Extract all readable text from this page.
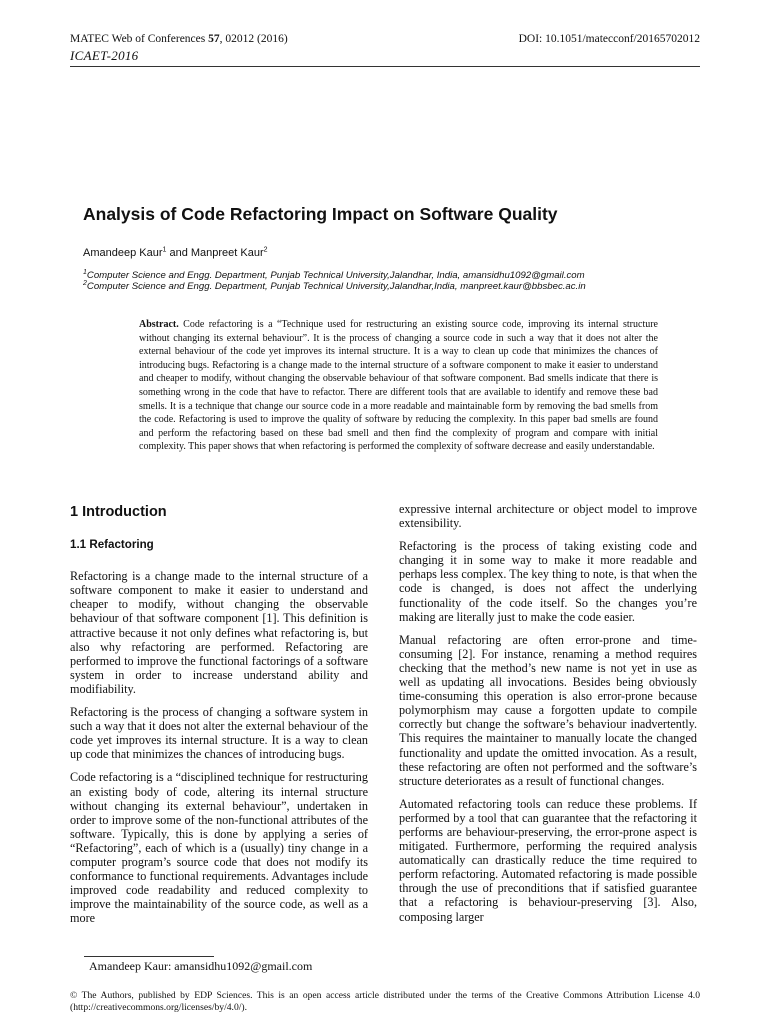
MATEC Web of Conferences 57, 02012 (2016)	DOI: 10.1051/matecconf/20165702012
ICAET-2016
Analysis of Code Refactoring Impact on Software Quality
Amandeep Kaur$^1$ and Manpreet Kaur$^2$
$^1$Computer Science and Engg. Department, Punjab Technical University,Jalandhar, India, amansidhu1092@gmail.com
$^2$Computer Science and Engg. Department, Punjab Technical University,Jalandhar,India, manpreet.kaur@bbsbec.ac.in

Abstract. Code refactoring is a “Technique used for restructuring an existing source code, improving its internal structure without changing its external behaviour”. It is the process of changing a source code in such a way that it does not alter the external behaviour of the code yet improves its internal structure. It is a way to clean up code that minimizes the chances of introducing bugs. Refactoring is a change made to the internal structure of a software component to make it easier to understand and cheaper to modify, without changing the observable behaviour of that software component. Bad smells indicate that there is something wrong in the code that have to refactor. There are different tools that are available to identify and remove these bad smells. It is a technique that change our source code in a more readable and maintainable form by removing the bad smells from the code. Refactoring is used to improve the quality of software by reducing the complexity. In this paper bad smells are found and perform the refactoring based on these bad smell and then find the complexity of program and compare with initial complexity. This paper shows that when refactoring is performed the complexity of software decrease and easily understandable.

1 Introduction
1.1 Refactoring

Refactoring is a change made to the internal structure of a software component to make it easier to understand and cheaper to modify, without changing the observable behaviour of that software component [1]. This definition is attractive because it not only defines what refactoring is, but also why refactoring are performed. Refactoring are performed to improve the functional factorings of a software system in order to increase understand ability and modifiability.

Refactoring is the process of changing a software system in such a way that it does not alter the external behaviour of the code yet improves its internal structure. It is a way to clean up code that minimizes the chances of introducing bugs.

Code refactoring is a “disciplined technique for restructuring an existing body of code, altering its internal structure without changing its external behaviour”, undertaken in order to improve some of the non-functional attributes of the software. Typically, this is done by applying a series of “Refactoring”, each of which is a (usually) tiny change in a computer program’s source code that does not modify its conformance to functional requirements. Advantages include improved code readability and reduced complexity to improve the maintainability of the source code, as well as a more

expressive internal architecture or object model to improve extensibility.

Refactoring is the process of taking existing code and changing it in some way to make it more readable and perhaps less complex. The key thing to note, is that when the code is changed, is does not affect the underlying functionality of the code itself. So the changes you’re making are literally just to make the code easier.

Manual refactoring are often error-prone and time-consuming [2]. For instance, renaming a method requires checking that the method’s new name is not yet in use as well as updating all invocations. Besides being obviously time-consuming this operation is also error-prone because polymorphism may cause a forgotten update to compile correctly but change the software’s behaviour inadvertently. This requires the maintainer to manually locate the changed functionality and update the omitted invocation. As a result, these refactoring are often not performed and the software’s structure deteriorates as a result of functional changes.

Automated refactoring tools can reduce these problems. If performed by a tool that can guarantee that the refactoring it performs are behaviour-preserving, the error-prone aspect is mitigated. Furthermore, performing the required analysis automatically can drastically reduce the time required to perform refactoring. Automated refactoring is made possible through the use of preconditions that if satisfied guarantee that a refactoring is behaviour-preserving [3]. Also, composing larger

Amandeep Kaur: amansidhu1092@gmail.com
© The Authors, published by EDP Sciences. This is an open access article distributed under the terms of the Creative Commons Attribution License 4.0 (http://creativecommons.org/licenses/by/4.0/).
